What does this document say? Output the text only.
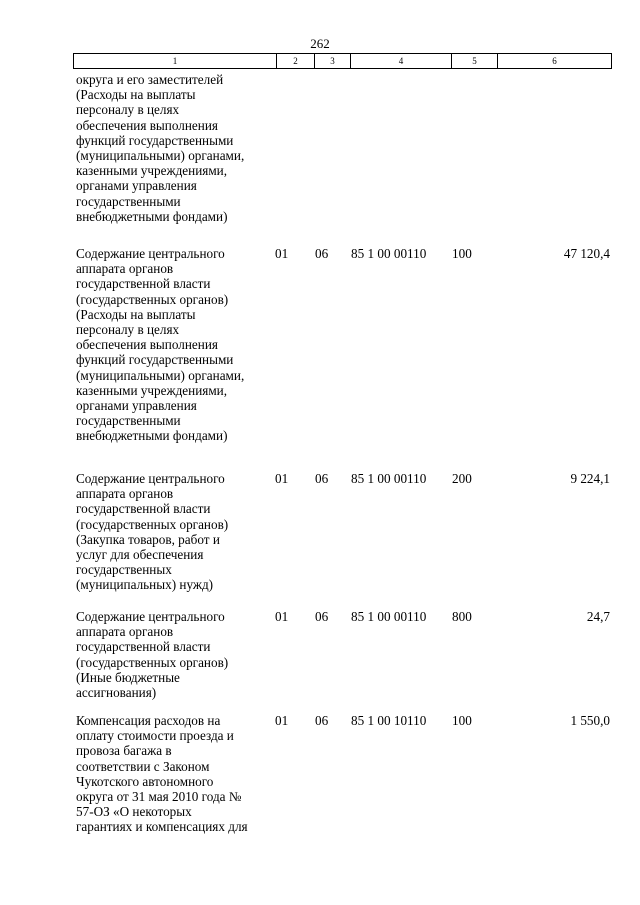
262
1	2	3	4	5	6
округа и его заместителей
(Расходы на выплаты
персоналу в целях
обеспечения выполнения
функций государственными
(муниципальными) органами,
казенными учреждениями,
органами управления
государственными
внебюджетными фондами)
Содержание центрального
аппарата органов
государственной власти
(государственных органов)
(Расходы на выплаты
персоналу в целях
обеспечения выполнения
функций государственными
(муниципальными) органами,
казенными учреждениями,
органами управления
государственными
внебюджетными фондами)
01	06	85 1 00 00110	100	47 120,4
Содержание центрального
аппарата органов
государственной власти
(государственных органов)
(Закупка товаров, работ и
услуг для обеспечения
государственных
(муниципальных) нужд)
01	06	85 1 00 00110	200	9 224,1
Содержание центрального
аппарата органов
государственной власти
(государственных органов)
(Иные бюджетные
ассигнования)
01	06	85 1 00 00110	800	24,7
Компенсация расходов на
оплату стоимости проезда и
провоза багажа в
соответствии с Законом
Чукотского автономного
округа от 31 мая 2010 года №
57-ОЗ «О некоторых
гарантиях и компенсациях для
01	06	85 1 00 10110	100	1 550,0
